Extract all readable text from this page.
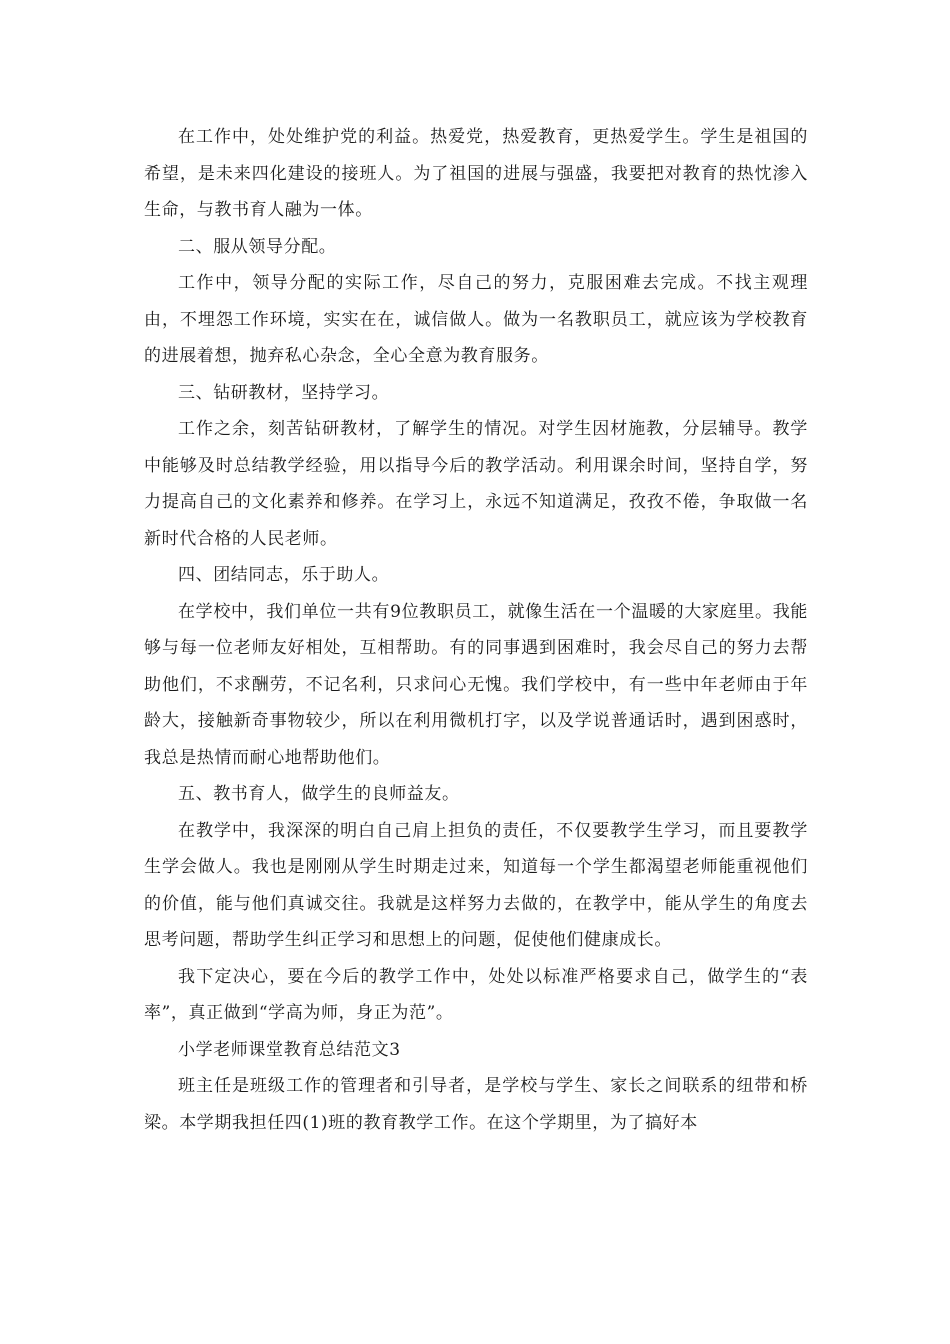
在工作中，处处维护党的利益。热爱党，热爱教育，更热爱学生。学生是祖国的希望，是未来四化建设的接班人。为了祖国的进展与强盛，我要把对教育的热忱渗入生命，与教书育人融为一体。

二、服从领导分配。

工作中，领导分配的实际工作，尽自己的努力，克服困难去完成。不找主观理由，不埋怨工作环境，实实在在，诚信做人。做为一名教职员工，就应该为学校教育的进展着想，抛弃私心杂念，全心全意为教育服务。

三、钻研教材，坚持学习。

工作之余，刻苦钻研教材，了解学生的情况。对学生因材施教，分层辅导。教学中能够及时总结教学经验，用以指导今后的教学活动。利用课余时间，坚持自学，努力提高自己的文化素养和修养。在学习上，永远不知道满足，孜孜不倦，争取做一名新时代合格的人民老师。

四、团结同志，乐于助人。

在学校中，我们单位一共有9位教职员工，就像生活在一个温暖的大家庭里。我能够与每一位老师友好相处，互相帮助。有的同事遇到困难时，我会尽自己的努力去帮助他们，不求酬劳，不记名利，只求问心无愧。我们学校中，有一些中年老师由于年龄大，接触新奇事物较少，所以在利用微机打字，以及学说普通话时，遇到困惑时，我总是热情而耐心地帮助他们。

五、教书育人，做学生的良师益友。

在教学中，我深深的明白自己肩上担负的责任，不仅要教学生学习，而且要教学生学会做人。我也是刚刚从学生时期走过来，知道每一个学生都渴望老师能重视他们的价值，能与他们真诚交往。我就是这样努力去做的，在教学中，能从学生的角度去思考问题，帮助学生纠正学习和思想上的问题，促使他们健康成长。

我下定决心，要在今后的教学工作中，处处以标准严格要求自己，做学生的“表率”，真正做到“学高为师，身正为范”。

小学老师课堂教育总结范文3

班主任是班级工作的管理者和引导者，是学校与学生、家长之间联系的纽带和桥梁。本学期我担任四(1)班的教育教学工作。在这个学期里，为了搞好本
